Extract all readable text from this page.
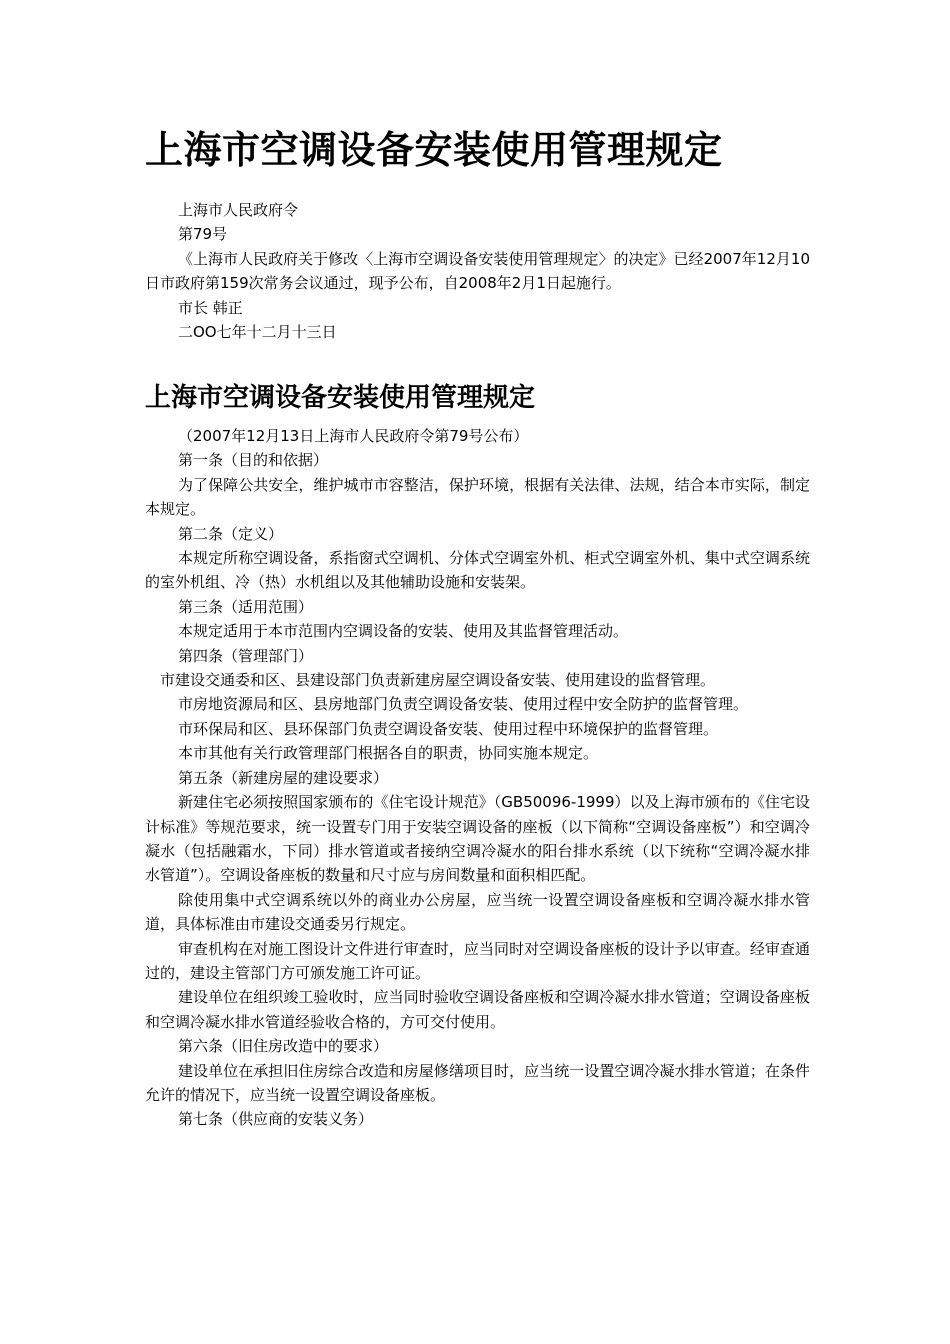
上海市空调设备安装使用管理规定

上海市人民政府令

第79号

《上海市人民政府关于修改〈上海市空调设备安装使用管理规定〉的决定》已经2007年12月10日市政府第159次常务会议通过，现予公布，自2008年2月1日起施行。

市长 韩正

二OO七年十二月十三日

上海市空调设备安装使用管理规定

（2007年12月13日上海市人民政府令第79号公布）

第一条（目的和依据）

为了保障公共安全，维护城市市容整洁，保护环境，根据有关法律、法规，结合本市实际，制定本规定。

第二条（定义）

本规定所称空调设备，系指窗式空调机、分体式空调室外机、柜式空调室外机、集中式空调系统的室外机组、冷（热）水机组以及其他辅助设施和安装架。

第三条（适用范围）

本规定适用于本市范围内空调设备的安装、使用及其监督管理活动。

第四条（管理部门）

市建设交通委和区、县建设部门负责新建房屋空调设备安装、使用建设的监督管理。

市房地资源局和区、县房地部门负责空调设备安装、使用过程中安全防护的监督管理。

市环保局和区、县环保部门负责空调设备安装、使用过程中环境保护的监督管理。

本市其他有关行政管理部门根据各自的职责，协同实施本规定。

第五条（新建房屋的建设要求）

新建住宅必须按照国家颁布的《住宅设计规范》（GB50096-1999）以及上海市颁布的《住宅设计标准》等规范要求，统一设置专门用于安装空调设备的座板（以下简称“空调设备座板”）和空调冷凝水（包括融霜水，下同）排水管道或者接纳空调冷凝水的阳台排水系统（以下统称“空调冷凝水排水管道”）。空调设备座板的数量和尺寸应与房间数量和面积相匹配。

除使用集中式空调系统以外的商业办公房屋，应当统一设置空调设备座板和空调冷凝水排水管道，具体标准由市建设交通委另行规定。

审查机构在对施工图设计文件进行审查时，应当同时对空调设备座板的设计予以审查。经审查通过的，建设主管部门方可颁发施工许可证。

建设单位在组织竣工验收时，应当同时验收空调设备座板和空调冷凝水排水管道；空调设备座板和空调冷凝水排水管道经验收合格的，方可交付使用。

第六条（旧住房改造中的要求）

建设单位在承担旧住房综合改造和房屋修缮项目时，应当统一设置空调冷凝水排水管道；在条件允许的情况下，应当统一设置空调设备座板。

第七条（供应商的安装义务）
